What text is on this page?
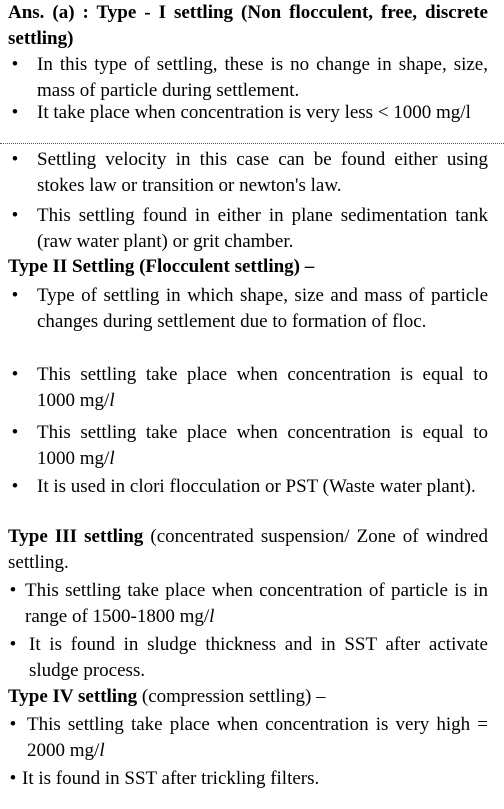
Ans. (a) : Type - I settling (Non flocculent, free, discrete settling)
• In this type of settling, these is no change in shape, size, mass of particle during settlement.
• It take place when concentration is very less < 1000 mg/l
• Settling velocity in this case can be found either using stokes law or transition or newton's law.
• This settling found in either in plane sedimentation tank (raw water plant) or grit chamber.
Type II Settling (Flocculent settling) –
• Type of settling in which shape, size and mass of particle changes during settlement due to formation of floc.
• This settling take place when concentration is equal to 1000 mg/l
• This settling take place when concentration is equal to 1000 mg/l
• It is used in clori flocculation or PST (Waste water plant).
Type III settling (concentrated suspension/ Zone of windred settling.
• This settling take place when concentration of particle is in range of 1500-1800 mg/l
• It is found in sludge thickness and in SST after activate sludge process.
Type IV settling (compression settling) –
• This settling take place when concentration is very high = 2000 mg/l
• It is found in SST after trickling filters.
